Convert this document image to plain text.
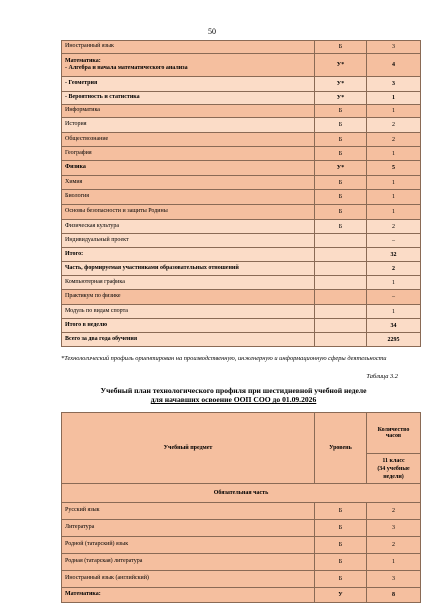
50
Иностранный язык	Б	3
Математика:
- Алгебра и начала математического анализа	У*	4
- Геометрия	У*	3
- Вероятность и статистика	У*	1
Информатика	Б	1
История	Б	2
Обществознание	Б	2
География	Б	1
Физика	У*	5
Химия	Б	1
Биология	Б	1
Основы безопасности и защиты Родины	Б	1
Физическая культура	Б	2
Индивидуальный проект		–
Итого:		32
Часть, формируемая участниками образовательных отношений		2
Компьютерная графика		1
Практикум по физике		–
Модуль по видам спорта		1
Итого в неделю		34
Всего за два года обучения		2295
*Технологический профиль ориентирован на производственную, инженерную и информационную сферы деятельности
Таблица 3.2
Учебный план технологического профиля при шестидневной учебной неделе
для начавших освоение ООП СОО до 01.09.2026
Учебный предмет	Уровень	Количество часов
		11 класс
(34 учебные недели)
Обязательная часть		
Русский язык	Б	2
Литература	Б	3
Родной (татарский) язык	Б	2
Родная (татарская) литература	Б	1
Иностранный язык (английский)	Б	3
Математика:	У	8
